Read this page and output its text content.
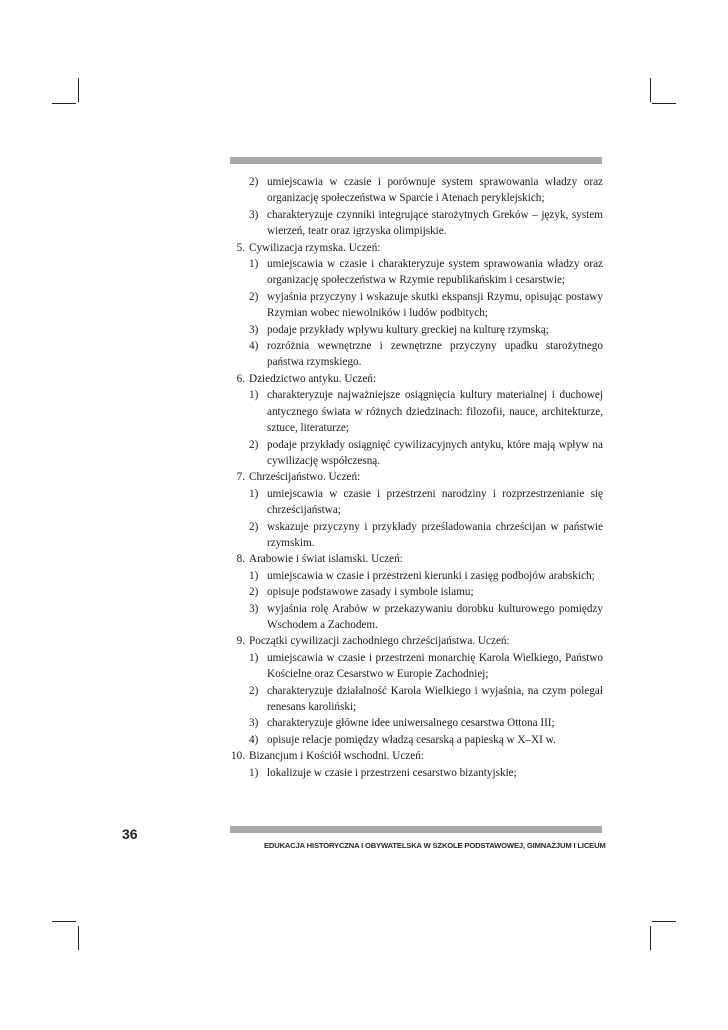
2) umiejscawia w czasie i porównuje system sprawowania władzy oraz organizację społeczeństwa w Sparcie i Atenach peryklejskich;
3) charakteryzuje czynniki integrujące starożytnych Greków – język, system wierzeń, teatr oraz igrzyska olimpijskie.
5. Cywilizacja rzymska. Uczeń:
1) umiejscawia w czasie i charakteryzuje system sprawowania władzy oraz organizację społeczeństwa w Rzymie republikańskim i cesarstwie;
2) wyjaśnia przyczyny i wskazuje skutki ekspansji Rzymu, opisując postawy Rzymian wobec niewolników i ludów podbitych;
3) podaje przykłady wpływu kultury greckiej na kulturę rzymską;
4) rozróżnia wewnętrzne i zewnętrzne przyczyny upadku starożytnego państwa rzymskiego.
6. Dziedzictwo antyku. Uczeń:
1) charakteryzuje najważniejsze osiągnięcia kultury materialnej i duchowej antycznego świata w różnych dziedzinach: filozofii, nauce, architekturze, sztuce, literaturze;
2) podaje przykłady osiągnięć cywilizacyjnych antyku, które mają wpływ na cywilizację współczesną.
7. Chrześcijaństwo. Uczeń:
1) umiejscawia w czasie i przestrzeni narodziny i rozprzestrzenianie się chrześcijaństwa;
2) wskazuje przyczyny i przykłady prześladowania chrześcijan w państwie rzymskim.
8. Arabowie i świat islamski. Uczeń:
1) umiejscawia w czasie i przestrzeni kierunki i zasięg podbojów arabskich;
2) opisuje podstawowe zasady i symbole islamu;
3) wyjaśnia rolę Arabów w przekazywaniu dorobku kulturowego pomiędzy Wschodem a Zachodem.
9. Początki cywilizacji zachodniego chrześcijaństwa. Uczeń:
1) umiejscawia w czasie i przestrzeni monarchię Karola Wielkiego, Państwo Kościelne oraz Cesarstwo w Europie Zachodniej;
2) charakteryzuje działalność Karola Wielkiego i wyjaśnia, na czym polegał renesans karoliński;
3) charakteryzuje główne idee uniwersalnego cesarstwa Ottona III;
4) opisuje relacje pomiędzy władzą cesarską a papieską w X–XI w.
10. Bizancjum i Kościół wschodni. Uczeń:
1) lokalizuje w czasie i przestrzeni cesarstwo bizantyjskie;
36
EDUKACJA HISTORYCZNA I OBYWATELSKA W SZKOLE PODSTAWOWEJ, GIMNAZJUM I LICEUM
